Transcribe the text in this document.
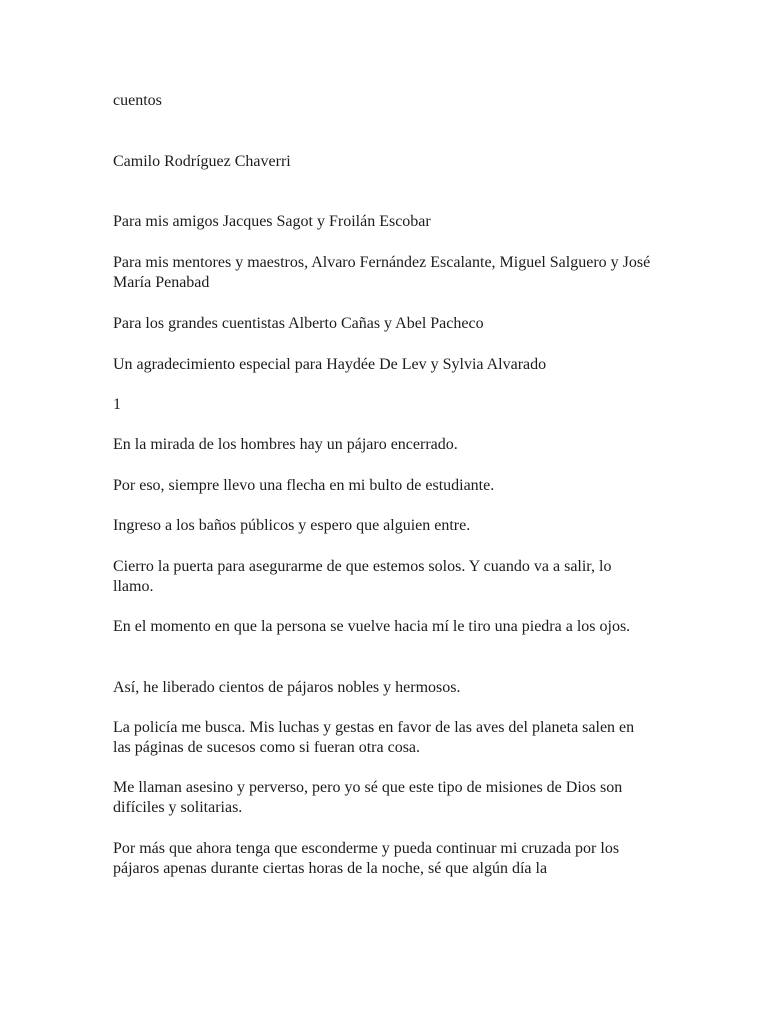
cuentos

Camilo Rodríguez Chaverri

Para mis amigos Jacques Sagot y Froilán Escobar

Para mis mentores y maestros, Alvaro Fernández Escalante, Miguel Salguero y José María Penabad

Para los grandes cuentistas Alberto Cañas y Abel Pacheco

Un agradecimiento especial para Haydée De Lev y Sylvia Alvarado

1

En la mirada de los hombres hay un pájaro encerrado.

Por eso, siempre llevo una flecha en mi bulto de estudiante.

Ingreso a los baños públicos y espero que alguien entre.

Cierro la puerta para asegurarme de que estemos solos. Y cuando va a salir, lo llamo.

En el momento en que la persona se vuelve hacia mí le tiro una piedra a los ojos.

Así, he liberado cientos de pájaros nobles y hermosos.

La policía me busca. Mis luchas y gestas en favor de las aves del planeta salen en las páginas de sucesos como si fueran otra cosa.

Me llaman asesino y perverso, pero yo sé que este tipo de misiones de Dios son difíciles y solitarias.

Por más que ahora tenga que esconderme y pueda continuar mi cruzada por los pájaros apenas durante ciertas horas de la noche, sé que algún día la
